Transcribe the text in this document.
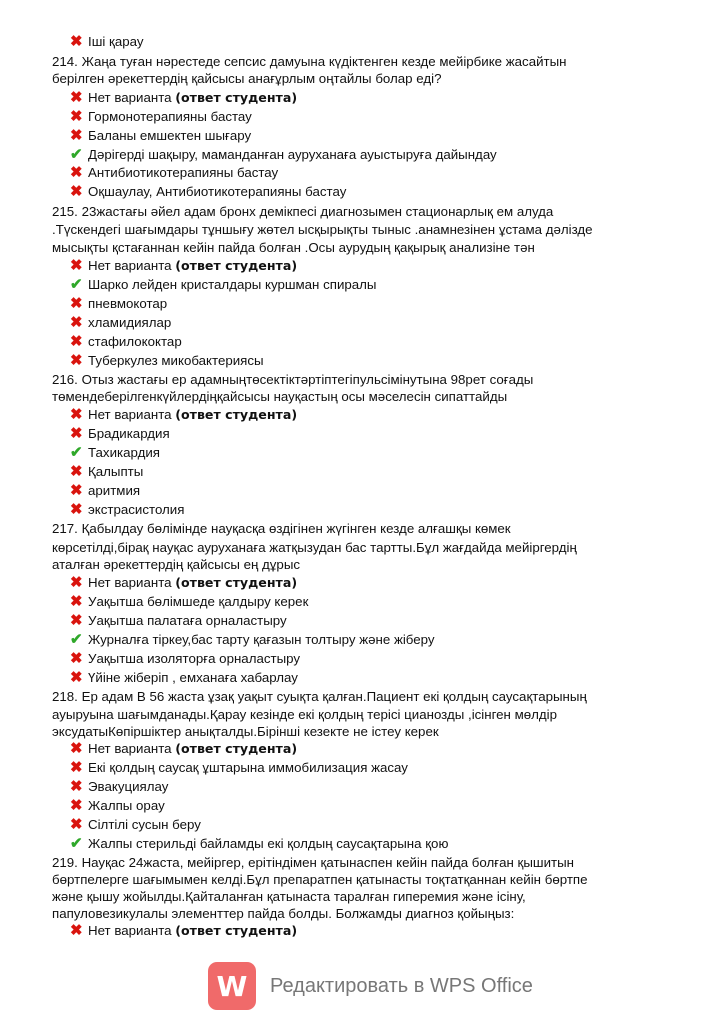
✖ Іші қарау
214. Жаңа туған нәрестеде сепсис дамуына күдіктенген кезде мейірбике жасайтын
берілген әрекеттердің қайсысы анағұрлым оңтайлы болар еді?
✖ Нет варианта (ответ студента)
✖ Гормонотерапияны бастау
✖ Баланы емшектен шығару
✔ Дәрігерді шақыру, маманданған ауруханаға ауыстыруға дайындау
✖ Антибиотикотерапияны бастау
✖ Оқшаулау, Антибиотикотерапияны бастау
215. 23жастағы әйел адам бронх демікпесі диагнозымен стационарлық ем алуда
.Түскендегі шағымдары тұншығу жөтел ысқырықты тыныс .анамнезінен ұстама дәлізде
мысықты қстағаннан кейін пайда болған .Осы аурудың қақырық анализіне тән
✖ Нет варианта (ответ студента)
✔ Шарко лейден кристалдары куршман спиралы
✖ пневмокотар
✖ хламидиялар
✖ стафилококтар
✖ Туберкулез микобактериясы
216. Отыз жастағы ер адамныңтөсектіктәртіптегіпульсімінутына 98рет соғады
төмендеберілгенкүйлердіңқайсысы науқастың осы мәселесін сипаттайды
✖ Нет варианта (ответ студента)
✖ Брадикардия
✔ Тахикардия
✖ Қалыпты
✖ аритмия
✖ экстрасистолия
217. Қабылдау бөлімінде науқасқа өздігінен жүгінген кезде алғашқы көмек
көрсетілді,бірақ науқас ауруханаға жатқызудан бас тартты.Бұл жағдайда мейіргердің
аталған әрекеттердің қайсысы ең дұрыс
✖ Нет варианта (ответ студента)
✖ Уақытша бөлімшеде қалдыру керек
✖ Уақытша палатаға орналастыру
✔ Журналға тіркеу,бас тарту қағазын толтыру және жіберу
✖ Уақытша изоляторға орналастыру
✖ Үйіне жіберіп , емханаға хабарлау
218. Ер адам В 56 жаста ұзақ уақыт суықта қалған.Пациент екі қолдың саусақтарының
ауыруына шағымданады.Қарау кезінде екі қолдың терісі цианозды ,ісінген мөлдір
эксудатыКөпіршіктер анықталды.Бірінші кезекте не істеу керек
✖ Нет варианта (ответ студента)
✖ Екі қолдың саусақ ұштарына иммобилизация жасау
✖ Эвакуциялау
✖ Жалпы орау
✖ Сілтілі сусын беру
✔ Жалпы стерильді байламды екі қолдың саусақтарына қою
219. Науқас 24жаста, мейіргер, ерітіндімен қатынаспен кейін пайда болған қышитын
бөртпелерге шағымымен келді.Бұл препаратпен қатынасты тоқтатқаннан кейін бөртпе
және қышу жойылды.Қайталанған қатынаста таралған гиперемия және ісіну,
папуловезикулалы элементтер пайда болды. Болжамды диагноз қойыңыз:
✖ Нет варианта (ответ студента)
W	Редактировать в WPS Office
